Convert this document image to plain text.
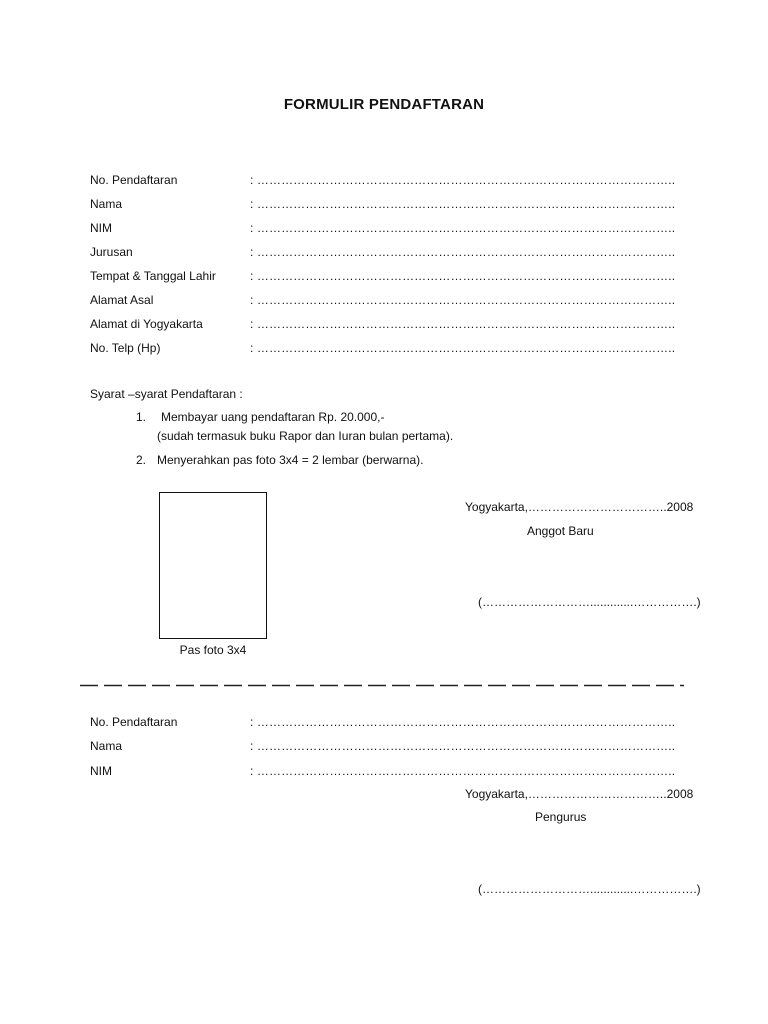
FORMULIR PENDAFTARAN
No. Pendaftaran	: …………………………………………………………………………………………..
Nama	: …………………………………………………………………………………………..
NIM	: …………………………………………………………………………………………..
Jurusan	: …………………………………………………………………………………………..
Tempat & Tanggal Lahir	: …………………………………………………………………………………………..
Alamat Asal	: …………………………………………………………………………………………..
Alamat di Yogyakarta	: …………………………………………………………………………………………..
No. Telp (Hp)	: …………………………………………………………………………………………..
Syarat –syarat Pendaftaran :
1. Membayar uang pendaftaran Rp. 20.000,-
(sudah termasuk buku Rapor dan Iuran bulan pertama).
2. Menyerahkan pas foto 3x4 = 2 lembar (berwarna).
Pas foto 3x4
Yogyakarta,……………………………..2008
Anggot Baru
(……………………….............…………….)
No. Pendaftaran	: …………………………………………………………………………………………..
Nama	: …………………………………………………………………………………………..
NIM	: …………………………………………………………………………………………..
Yogyakarta,……………………………..2008
Pengurus
(……………………….............…………….)
